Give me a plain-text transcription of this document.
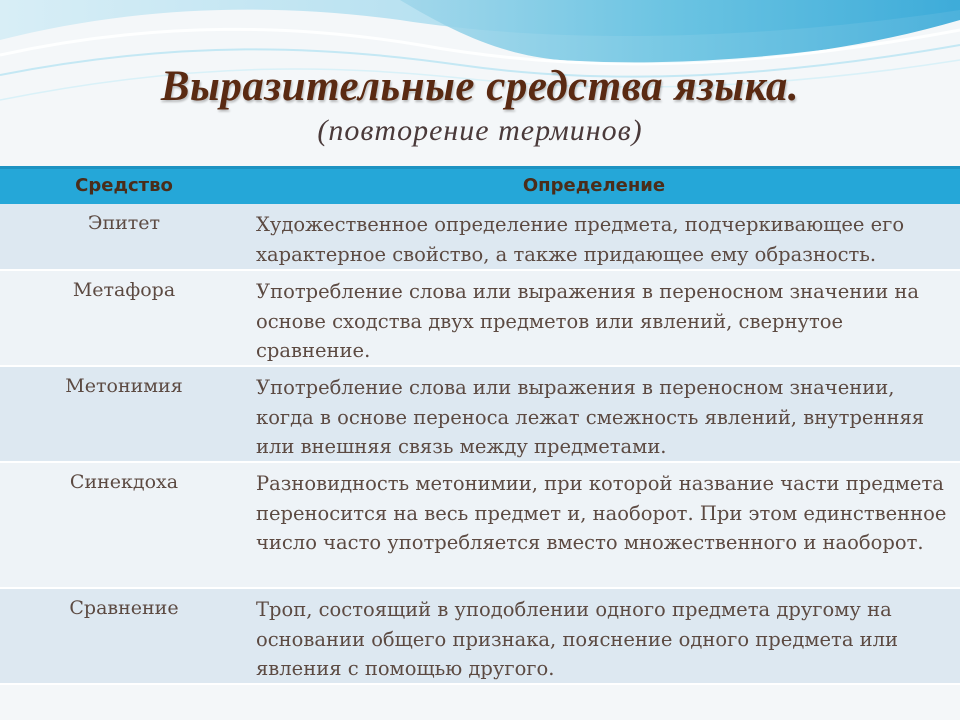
Выразительные средства языка.
(повторение терминов)
Средство	Определение
Эпитет	Художественное определение предмета, подчеркивающее его характерное свойство, а также придающее ему образность.
Метафора	Употребление слова или выражения в переносном значении на основе сходства двух предметов или явлений, свернутое сравнение.
Метонимия	Употребление слова или выражения в переносном значении, когда в основе переноса лежат смежность явлений, внутренняя или внешняя связь между предметами.
Синекдоха	Разновидность метонимии, при которой название части предмета переносится на весь предмет и, наоборот. При этом единственное число часто употребляется вместо множественного и наоборот.
Сравнение	Троп, состоящий в уподоблении одного предмета другому на основании общего признака, пояснение одного предмета или явления с помощью другого.
